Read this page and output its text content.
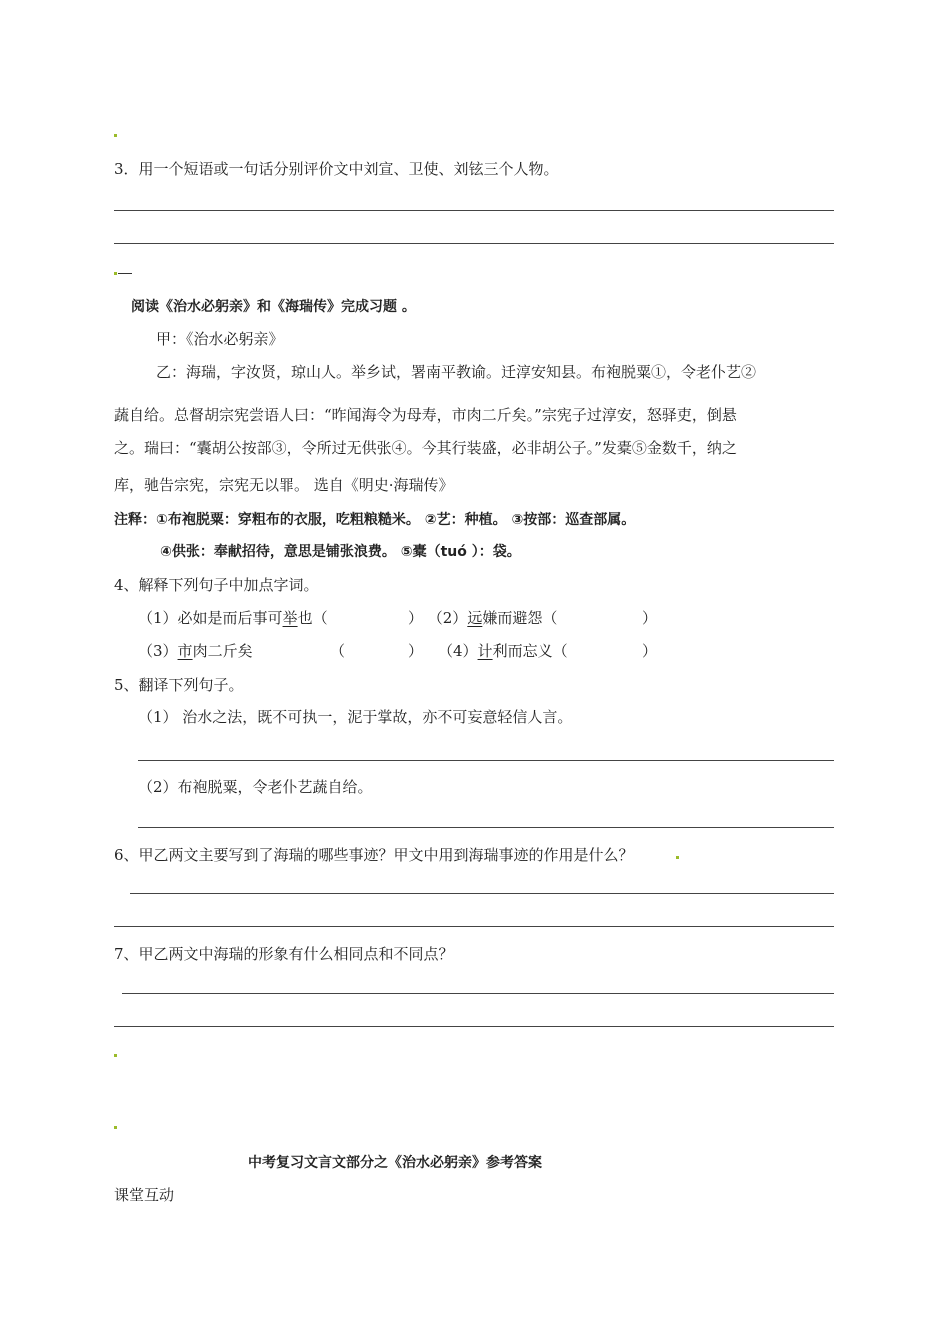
3．用一个短语或一句话分别评价文中刘宣、卫使、刘铉三个人物。
阅读《治水必躬亲》和《海瑞传》完成习题 。
甲：《治水必躬亲》
乙：海瑞，字汝贤，琼山人。举乡试，署南平教谕。迁淳安知县。布袍脱粟①，令老仆艺②
蔬自给。总督胡宗宪尝语人曰：“昨闻海令为母寿，市肉二斤矣。”宗宪子过淳安，怒驿吏，倒悬
之。瑞曰：“囊胡公按部③，令所过无供张④。今其行装盛，必非胡公子。”发橐⑤金数千，纳之
库，驰告宗宪，宗宪无以罪。 选自《明史·海瑞传》
注释：①布袍脱粟：穿粗布的衣服，吃粗粮糙米。 ②艺：种植。 ③按部：巡查部属。
④供张：奉献招待，意思是铺张浪费。 ⑤橐（tuó ）：袋。
4、解释下列句子中加点字词。
（1）必如是而后事可举也（	） （2）远嫌而避怨（	）
（3）市肉二斤矣	（	） （4）计利而忘义（	）
5、翻译下列句子。
（1） 治水之法，既不可执一，泥于掌故，亦不可妄意轻信人言。
（2）布袍脱粟，令老仆艺蔬自给。
6、甲乙两文主要写到了海瑞的哪些事迹？甲文中用到海瑞事迹的作用是什么？
7、甲乙两文中海瑞的形象有什么相同点和不同点？
中考复习文言文部分之《治水必躬亲》参考答案
课堂互动
